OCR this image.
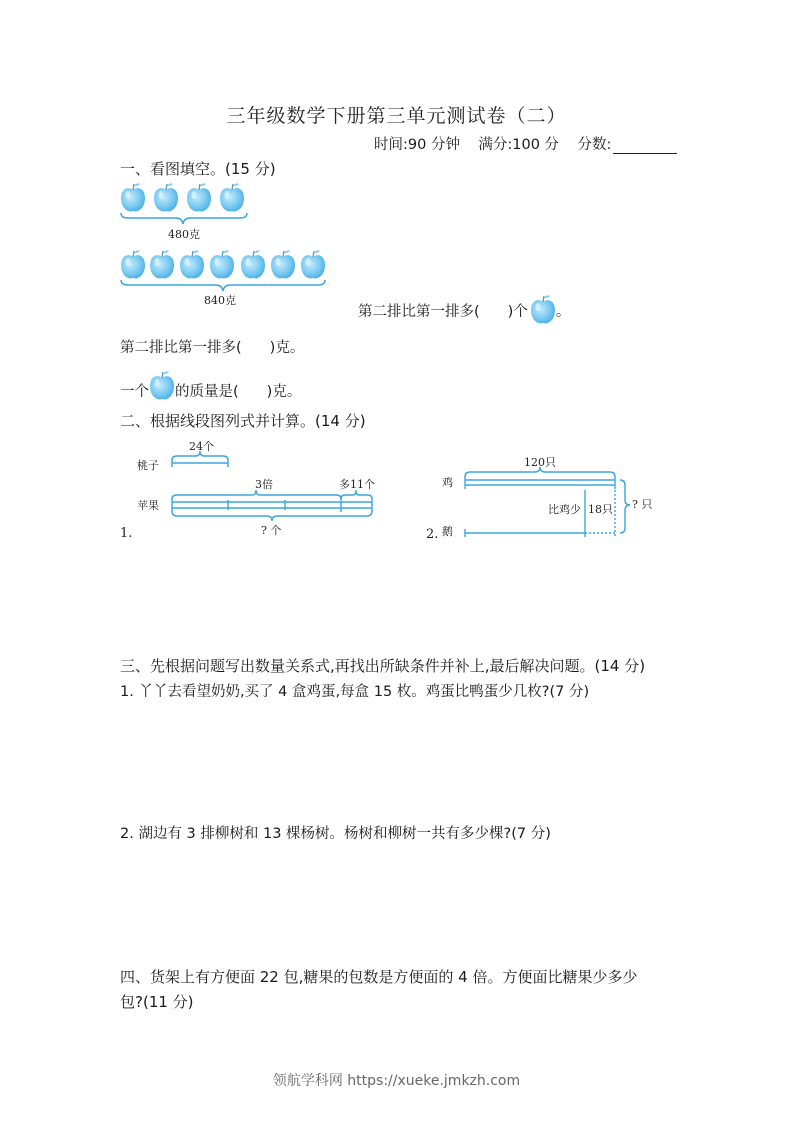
三年级数学下册第三单元测试卷（二）
时间:90 分钟 满分:100 分 分数:
一、看图填空。(15 分)
480克
840克
第二排比第一排多( )个 。
第二排比第一排多( )克。
一个 的质量是( )克。
二、根据线段图列式并计算。(14 分)
桃子
苹果
24个
3倍	多11个
? 个
1.
鸡
鹅
120只
比鸡少 18只 ? 只
2.
三、先根据问题写出数量关系式,再找出所缺条件并补上,最后解决问题。(14 分)
1. 丫丫去看望奶奶,买了 4 盒鸡蛋,每盒 15 枚。鸡蛋比鸭蛋少几枚?(7 分)
2. 湖边有 3 排柳树和 13 棵杨树。杨树和柳树一共有多少棵?(7 分)
四、货架上有方便面 22 包,糖果的包数是方便面的 4 倍。方便面比糖果少多少
包?(11 分)
领航学科网 https://xueke.jmkzh.com
